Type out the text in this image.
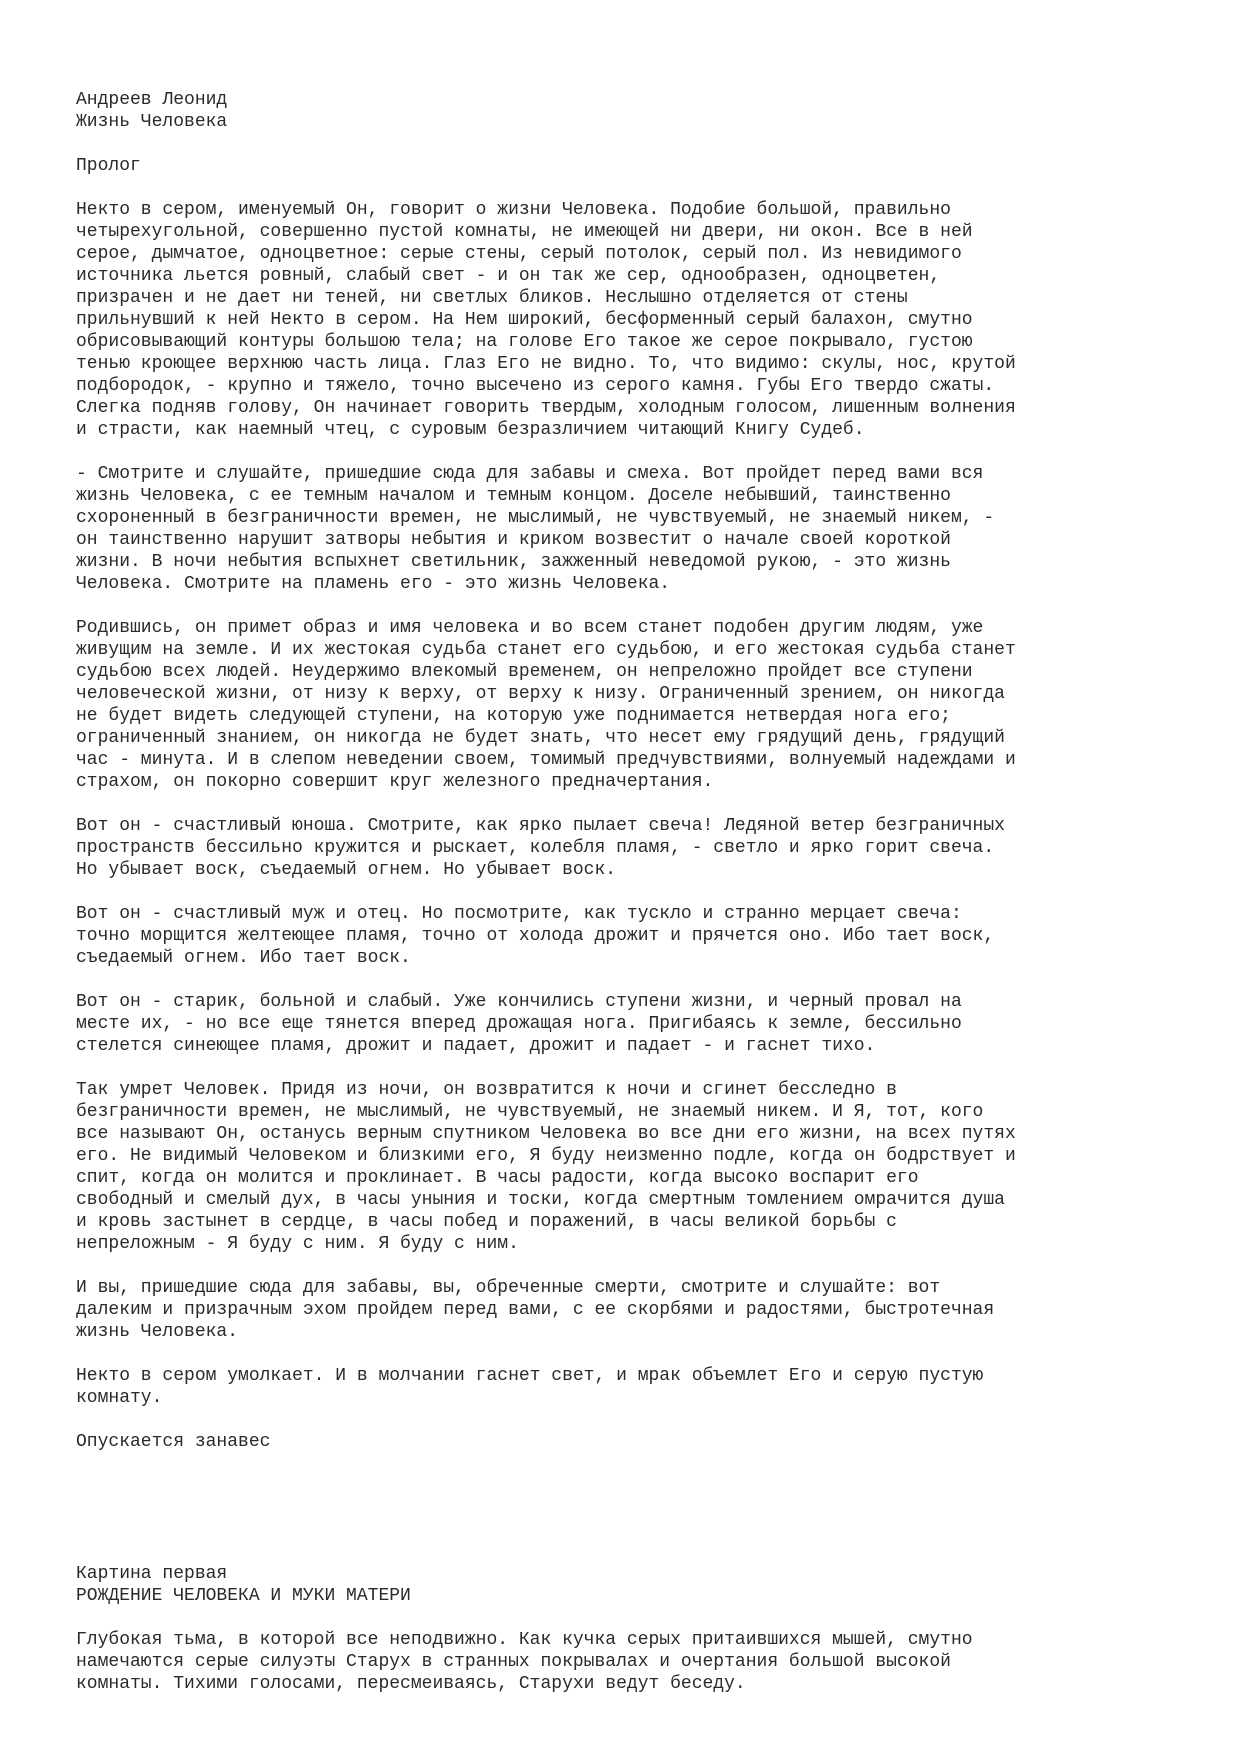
Андреев Леонид
Жизнь Человека
Пролог
Некто в сером, именуемый Он, говорит о жизни Человека. Подобие большой, правильно
четырехугольной, совершенно пустой комнаты, не имеющей ни двери, ни окон. Все в ней
серое, дымчатое, одноцветное: серые стены, серый потолок, серый пол. Из невидимого
источника льется ровный, слабый свет - и он так же сер, однообразен, одноцветен,
призрачен и не дает ни теней, ни светлых бликов. Неслышно отделяется от стены
прильнувший к ней Некто в сером. На Нем широкий, бесформенный серый балахон, смутно
обрисовывающий контуры большою тела; на голове Его такое же серое покрывало, густою
тенью кроющее верхнюю часть лица. Глаз Его не видно. То, что видимо: скулы, нос, крутой
подбородок, - крупно и тяжело, точно высечено из серого камня. Губы Его твердо сжаты.
Слегка подняв голову, Он начинает говорить твердым, холодным голосом, лишенным волнения
и страсти, как наемный чтец, с суровым безразличием читающий Книгу Судеб.
- Смотрите и слушайте, пришедшие сюда для забавы и смеха. Вот пройдет перед вами вся
жизнь Человека, с ее темным началом и темным концом. Доселе небывший, таинственно
схороненный в безграничности времен, не мыслимый, не чувствуемый, не знаемый никем, -
он таинственно нарушит затворы небытия и криком возвестит о начале своей короткой
жизни. В ночи небытия вспыхнет светильник, зажженный неведомой рукою, - это жизнь
Человека. Смотрите на пламень его - это жизнь Человека.
Родившись, он примет образ и имя человека и во всем станет подобен другим людям, уже
живущим на земле. И их жестокая судьба станет его судьбою, и его жестокая судьба станет
судьбою всех людей. Неудержимо влекомый временем, он непреложно пройдет все ступени
человеческой жизни, от низу к верху, от верху к низу. Ограниченный зрением, он никогда
не будет видеть следующей ступени, на которую уже поднимается нетвердая нога его;
ограниченный знанием, он никогда не будет знать, что несет ему грядущий день, грядущий
час - минута. И в слепом неведении своем, томимый предчувствиями, волнуемый надеждами и
страхом, он покорно совершит круг железного предначертания.
Вот он - счастливый юноша. Смотрите, как ярко пылает свеча! Ледяной ветер безграничных
пространств бессильно кружится и рыскает, колебля пламя, - светло и ярко горит свеча.
Но убывает воск, съедаемый огнем. Но убывает воск.
Вот он - счастливый муж и отец. Но посмотрите, как тускло и странно мерцает свеча:
точно морщится желтеющее пламя, точно от холода дрожит и прячется оно. Ибо тает воск,
съедаемый огнем. Ибо тает воск.
Вот он - старик, больной и слабый. Уже кончились ступени жизни, и черный провал на
месте их, - но все еще тянется вперед дрожащая нога. Пригибаясь к земле, бессильно
стелется синеющее пламя, дрожит и падает, дрожит и падает - и гаснет тихо.
Так умрет Человек. Придя из ночи, он возвратится к ночи и сгинет бесследно в
безграничности времен, не мыслимый, не чувствуемый, не знаемый никем. И Я, тот, кого
все называют Он, останусь верным спутником Человека во все дни его жизни, на всех путях
его. Не видимый Человеком и близкими его, Я буду неизменно подле, когда он бодрствует и
спит, когда он молится и проклинает. В часы радости, когда высоко воспарит его
свободный и смелый дух, в часы уныния и тоски, когда смертным томлением омрачится душа
и кровь застынет в сердце, в часы побед и поражений, в часы великой борьбы с
непреложным - Я буду с ним. Я буду с ним.
И вы, пришедшие сюда для забавы, вы, обреченные смерти, смотрите и слушайте: вот
далеким и призрачным эхом пройдем перед вами, с ее скорбями и радостями, быстротечная
жизнь Человека.
Некто в сером умолкает. И в молчании гаснет свет, и мрак объемлет Его и серую пустую
комнату.
Опускается занавес
Картина первая
РОЖДЕНИЕ ЧЕЛОВЕКА И МУКИ МАТЕРИ
Глубокая тьма, в которой все неподвижно. Как кучка серых притаившихся мышей, смутно
намечаются серые силуэты Старух в странных покрывалах и очертания большой высокой
комнаты. Тихими голосами, пересмеиваясь, Старухи ведут беседу.
